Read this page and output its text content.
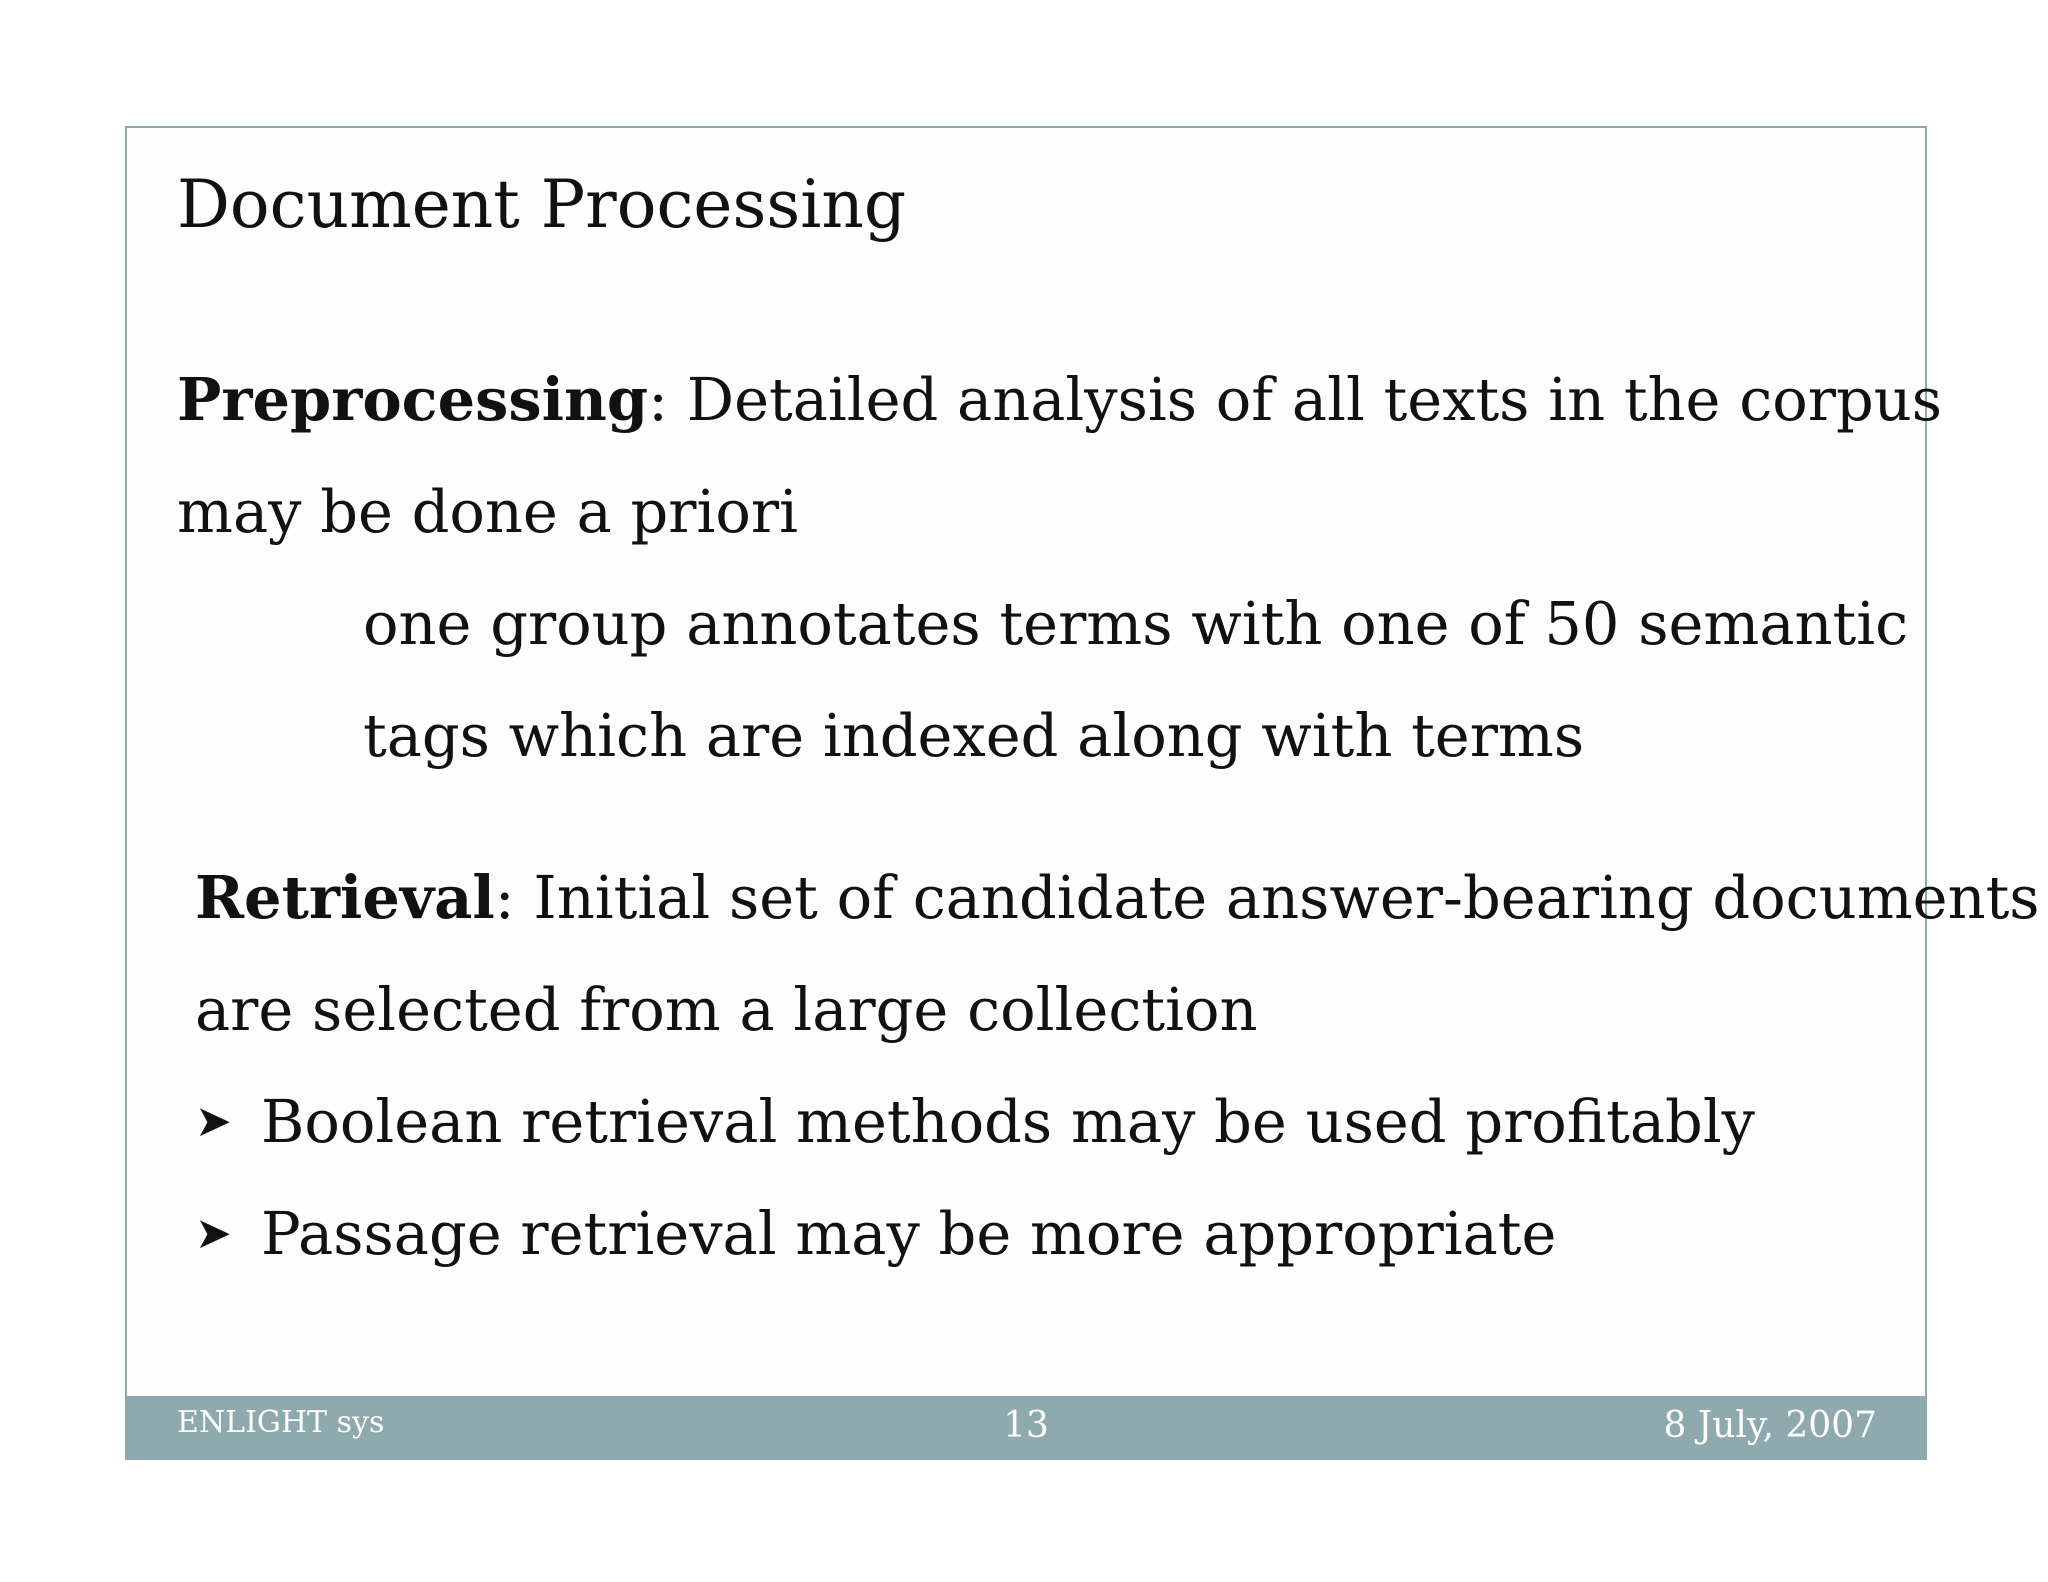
Document Processing
Preprocessing: Detailed analysis of all texts in the corpus
may be done a priori
one group annotates terms with one of 50 semantic
tags which are indexed along with terms
Retrieval: Initial set of candidate answer-bearing documents
are selected from a large collection
➤ Boolean retrieval methods may be used profitably
➤ Passage retrieval may be more appropriate
ENLIGHT sys	13	8 July, 2007
